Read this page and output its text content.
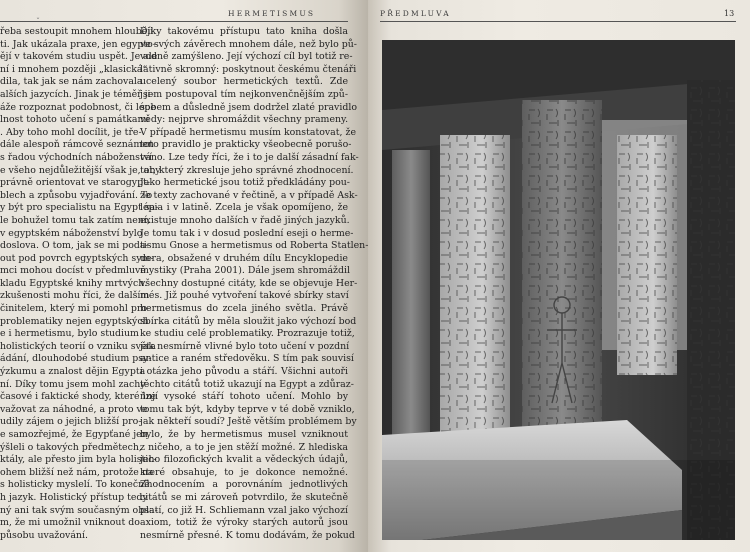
HERMETISMUS
˯
řeba sestoupit mnohem hlouběji
ti. Jak ukázala praxe, jen egypto-
ějí v takovém studiu uspět. Je ale
ní i mnohem později „klasická“
dila, tak jak se nám zachovala
alších jazycích. Jinak je téměř ji-
áže rozpoznat podobnost, či lépe
lnost tohoto učení s památkami
. Aby toho mohl docílit, je tře-
dále alespoň rámcově seznámen
s řadou východních náboženství
e všeho nejdůležitější však je, aby
právně orientovat ve starogypt-
blech a způsobu vyjadřování. To
y být pro specialistu na Egypt sa-
le bohužel tomu tak zatím není,
v egyptském náboženství bylo
doslova. O tom, jak se mi poda-
out pod povrch egyptských sym-
mci mohou docíst v předmluvě
kladu Egyptské knihy mrtvých.
zkušenosti mohu říci, že dalším
činitelem, který mi pomohl pro-
problematiky nejen egyptských
e i hermetismu, bylo studium
holistických teorií o vzniku světa
ádání, dlouhodobé studium psy-
ýzkumu a znalost dějin Egypta
ní. Díky tomu jsem mohl zachy-
časové i faktické shody, které lze
važovat za náhodné, a proto ve
udily zájem o jejich bližší pro-
e samozřejmé, že Egypťané jen
ýšleli o takových předmětech,
ktály, ale přesto jim byla holistic-
ohem bližší než nám, protože na
s holisticky myslelí. To konečně
h jazyk. Holistický přístup tedy
ný ani tak svým současným obsa-
m, že mi umožnil vniknout do
působu uvažování.
Díky takovému přístupu tato kniha došla
ve svých závěrech mnohem dále, než bylo pů-
vodně zamýšleno. Její výchozí cíl byl totiž re-
lativně skromný: poskytnout českému čtenáři
ucelený soubor hermetických textů. Zde
jsem postupoval tím nejkonvenčnějším způ-
sobem a důsledně jsem dodržel zlaté pravidlo
vědy: nejprve shromáždit všechny prameny.
V případě hermetismu musím konstatovat, že
toto pravidlo je prakticky všeobecně porušo-
váno. Lze tedy říci, že i to je další zásadní fak-
tor, který zkresluje jeho správné zhodnocení.
Jako hermetické jsou totiž předkládány pou-
ze texty zachované v řečtině, a v případě Ask-
lépia i v latině. Zcela je však opomíjeno, že
existuje mnoho dalších v řadě jiných jazyků.
Je tomu tak i v dosud poslední eseji o herme-
tismu Gnose a hermetismus od Roberta Statlen-
dera, obsažené v druhém dílu Encyklopedie
mystiky (Praha 2001). Dále jsem shromáždil
všechny dostupné citáty, kde se objevuje Her-
més. Již pouhé vytvoření takové sbírky staví
hermetismus do zcela jiného světla. Právě
sbírka citátů by měla sloužit jako výchozí bod
ke studiu celé problematiky. Prozrazuje totiž,
jak nesmírně vlivné bylo toto učení v pozdní
antice a raném středověku. S tím pak souvisí
i otázka jeho původu a stáří. Všichni autoři
těchto citátů totiž ukazují na Egypt a zdůraz-
ňují vysoké stáří tohoto učení. Mohlo by
tomu tak být, kdyby teprve v té době vzniklo,
jak někteří soudí? Ještě větším problémem by
bylo, že by hermetismus musel vzniknout
z ničeho, a to je jen stěží možné. Z hlediska
jeho filozofických kvalit a vědeckých údajů,
které obsahuje, to je dokonce nemožné.
Zhodnocením a porovnáním jednotlivých
citátů se mi zároveň potvrdilo, že skutečně
platí, co již H. Schliemann vzal jako výchozí
axiom, totiž že výroky starých autorů jsou
nesmírně přesné. K tomu dodávám, že pokud
PŘEDMLUVA	13
